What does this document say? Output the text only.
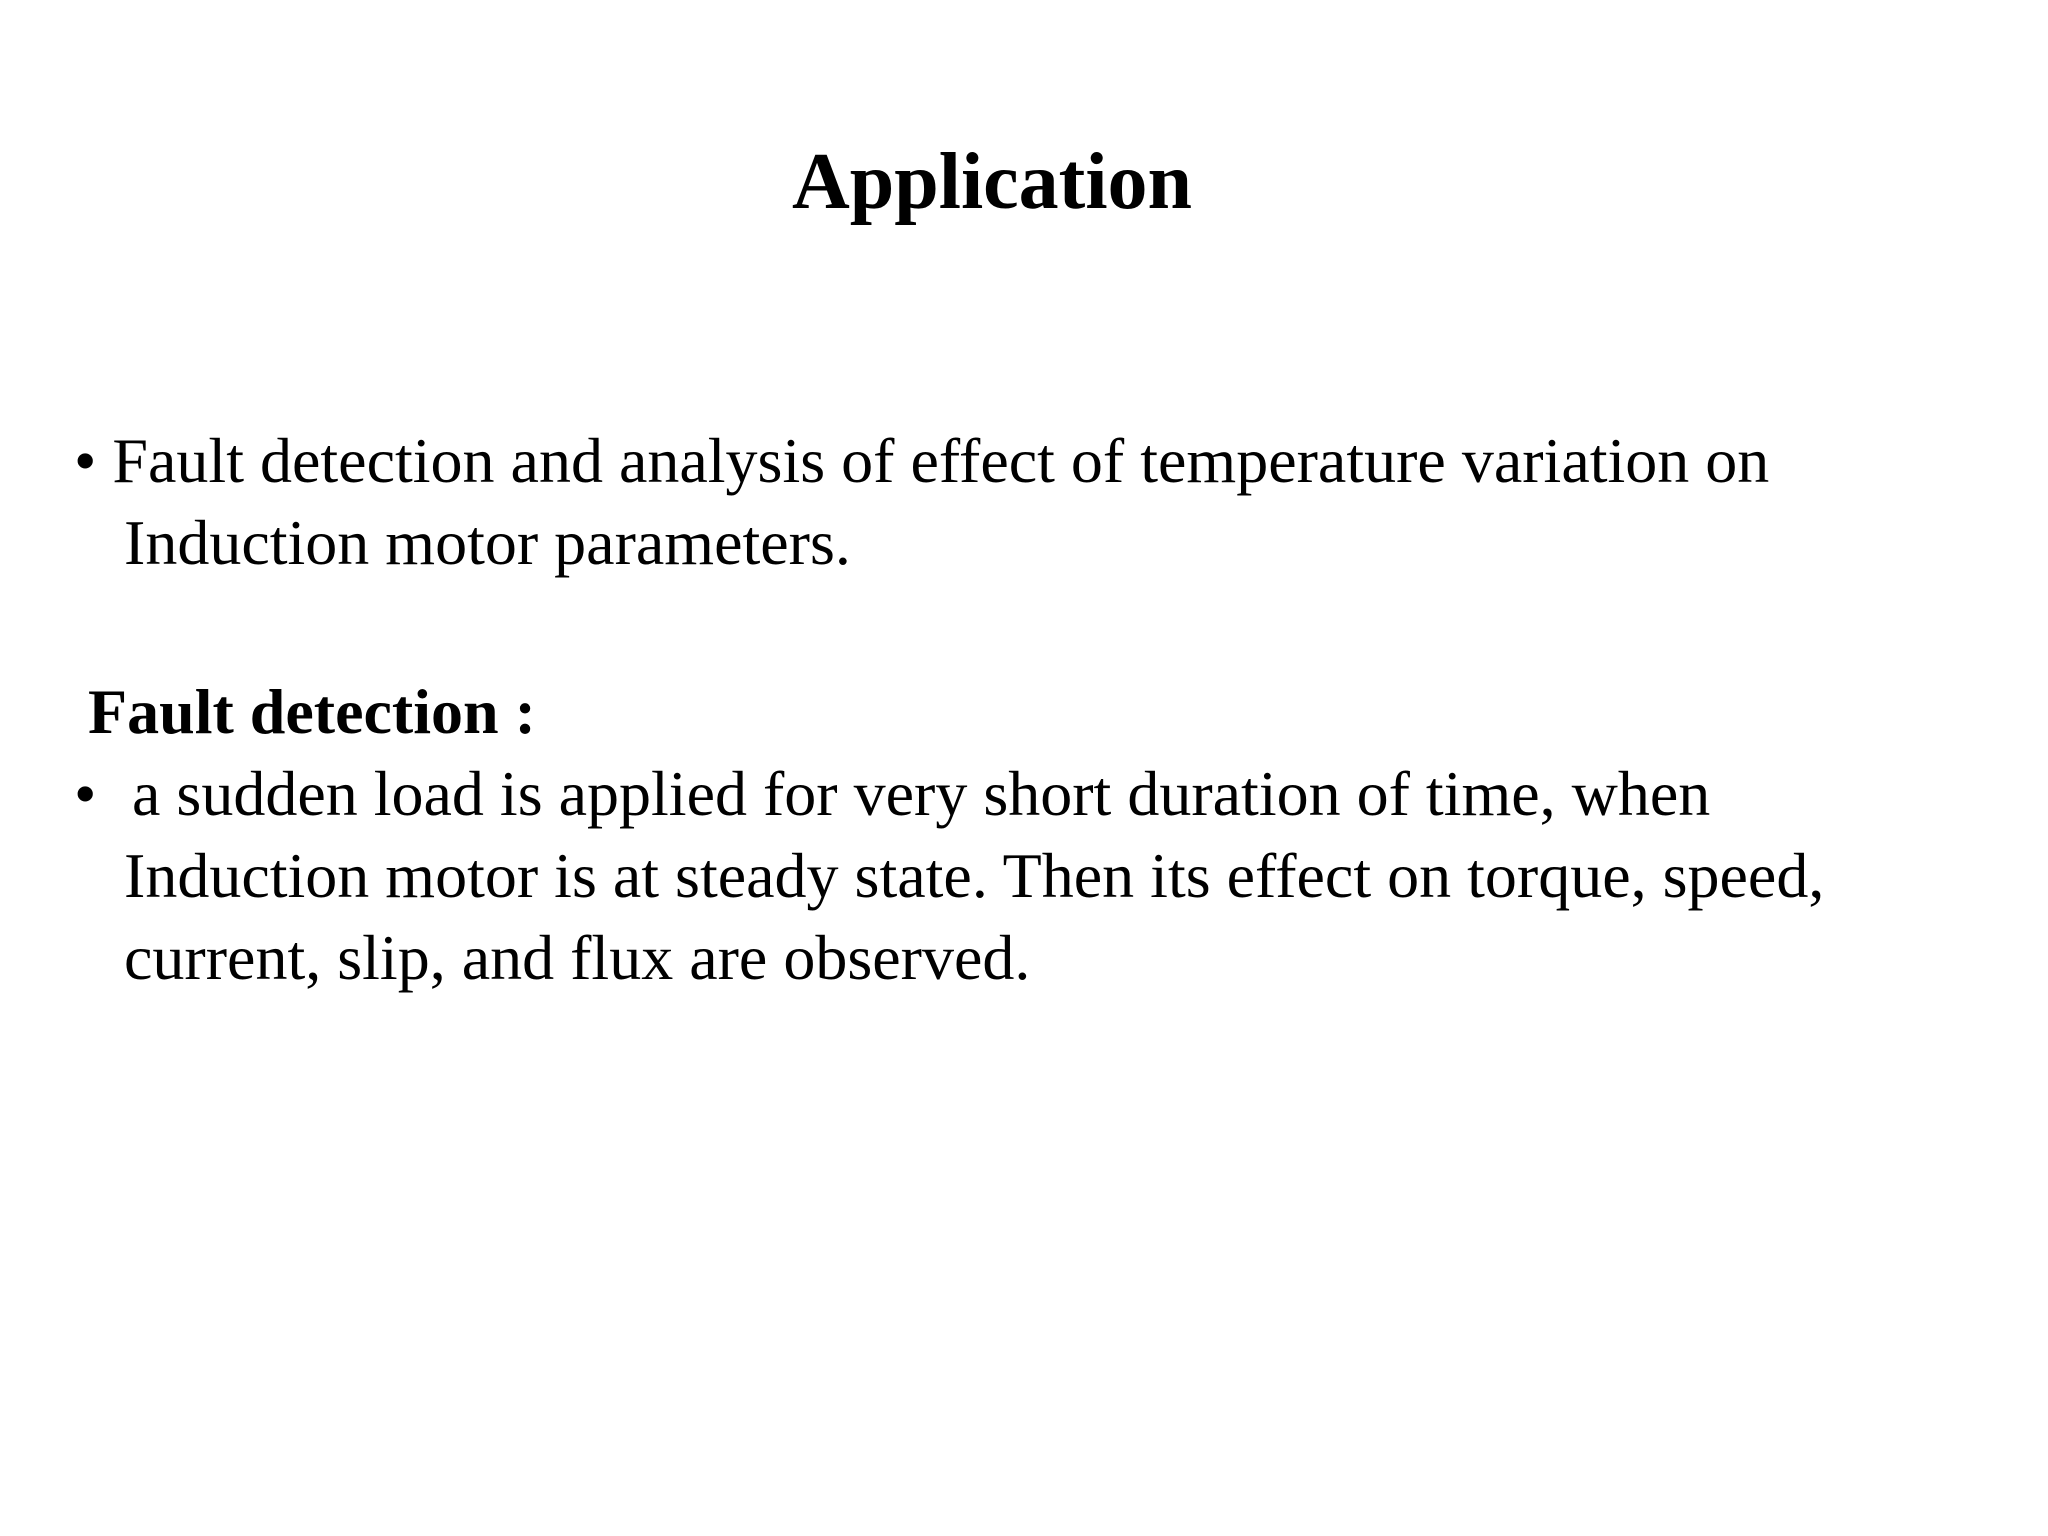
Application
• Fault detection and analysis of effect of temperature variation on
Induction motor parameters.
Fault detection :
• a sudden load is applied for very short duration of time, when
Induction motor is at steady state. Then its effect on torque, speed,
current, slip, and flux are observed.
